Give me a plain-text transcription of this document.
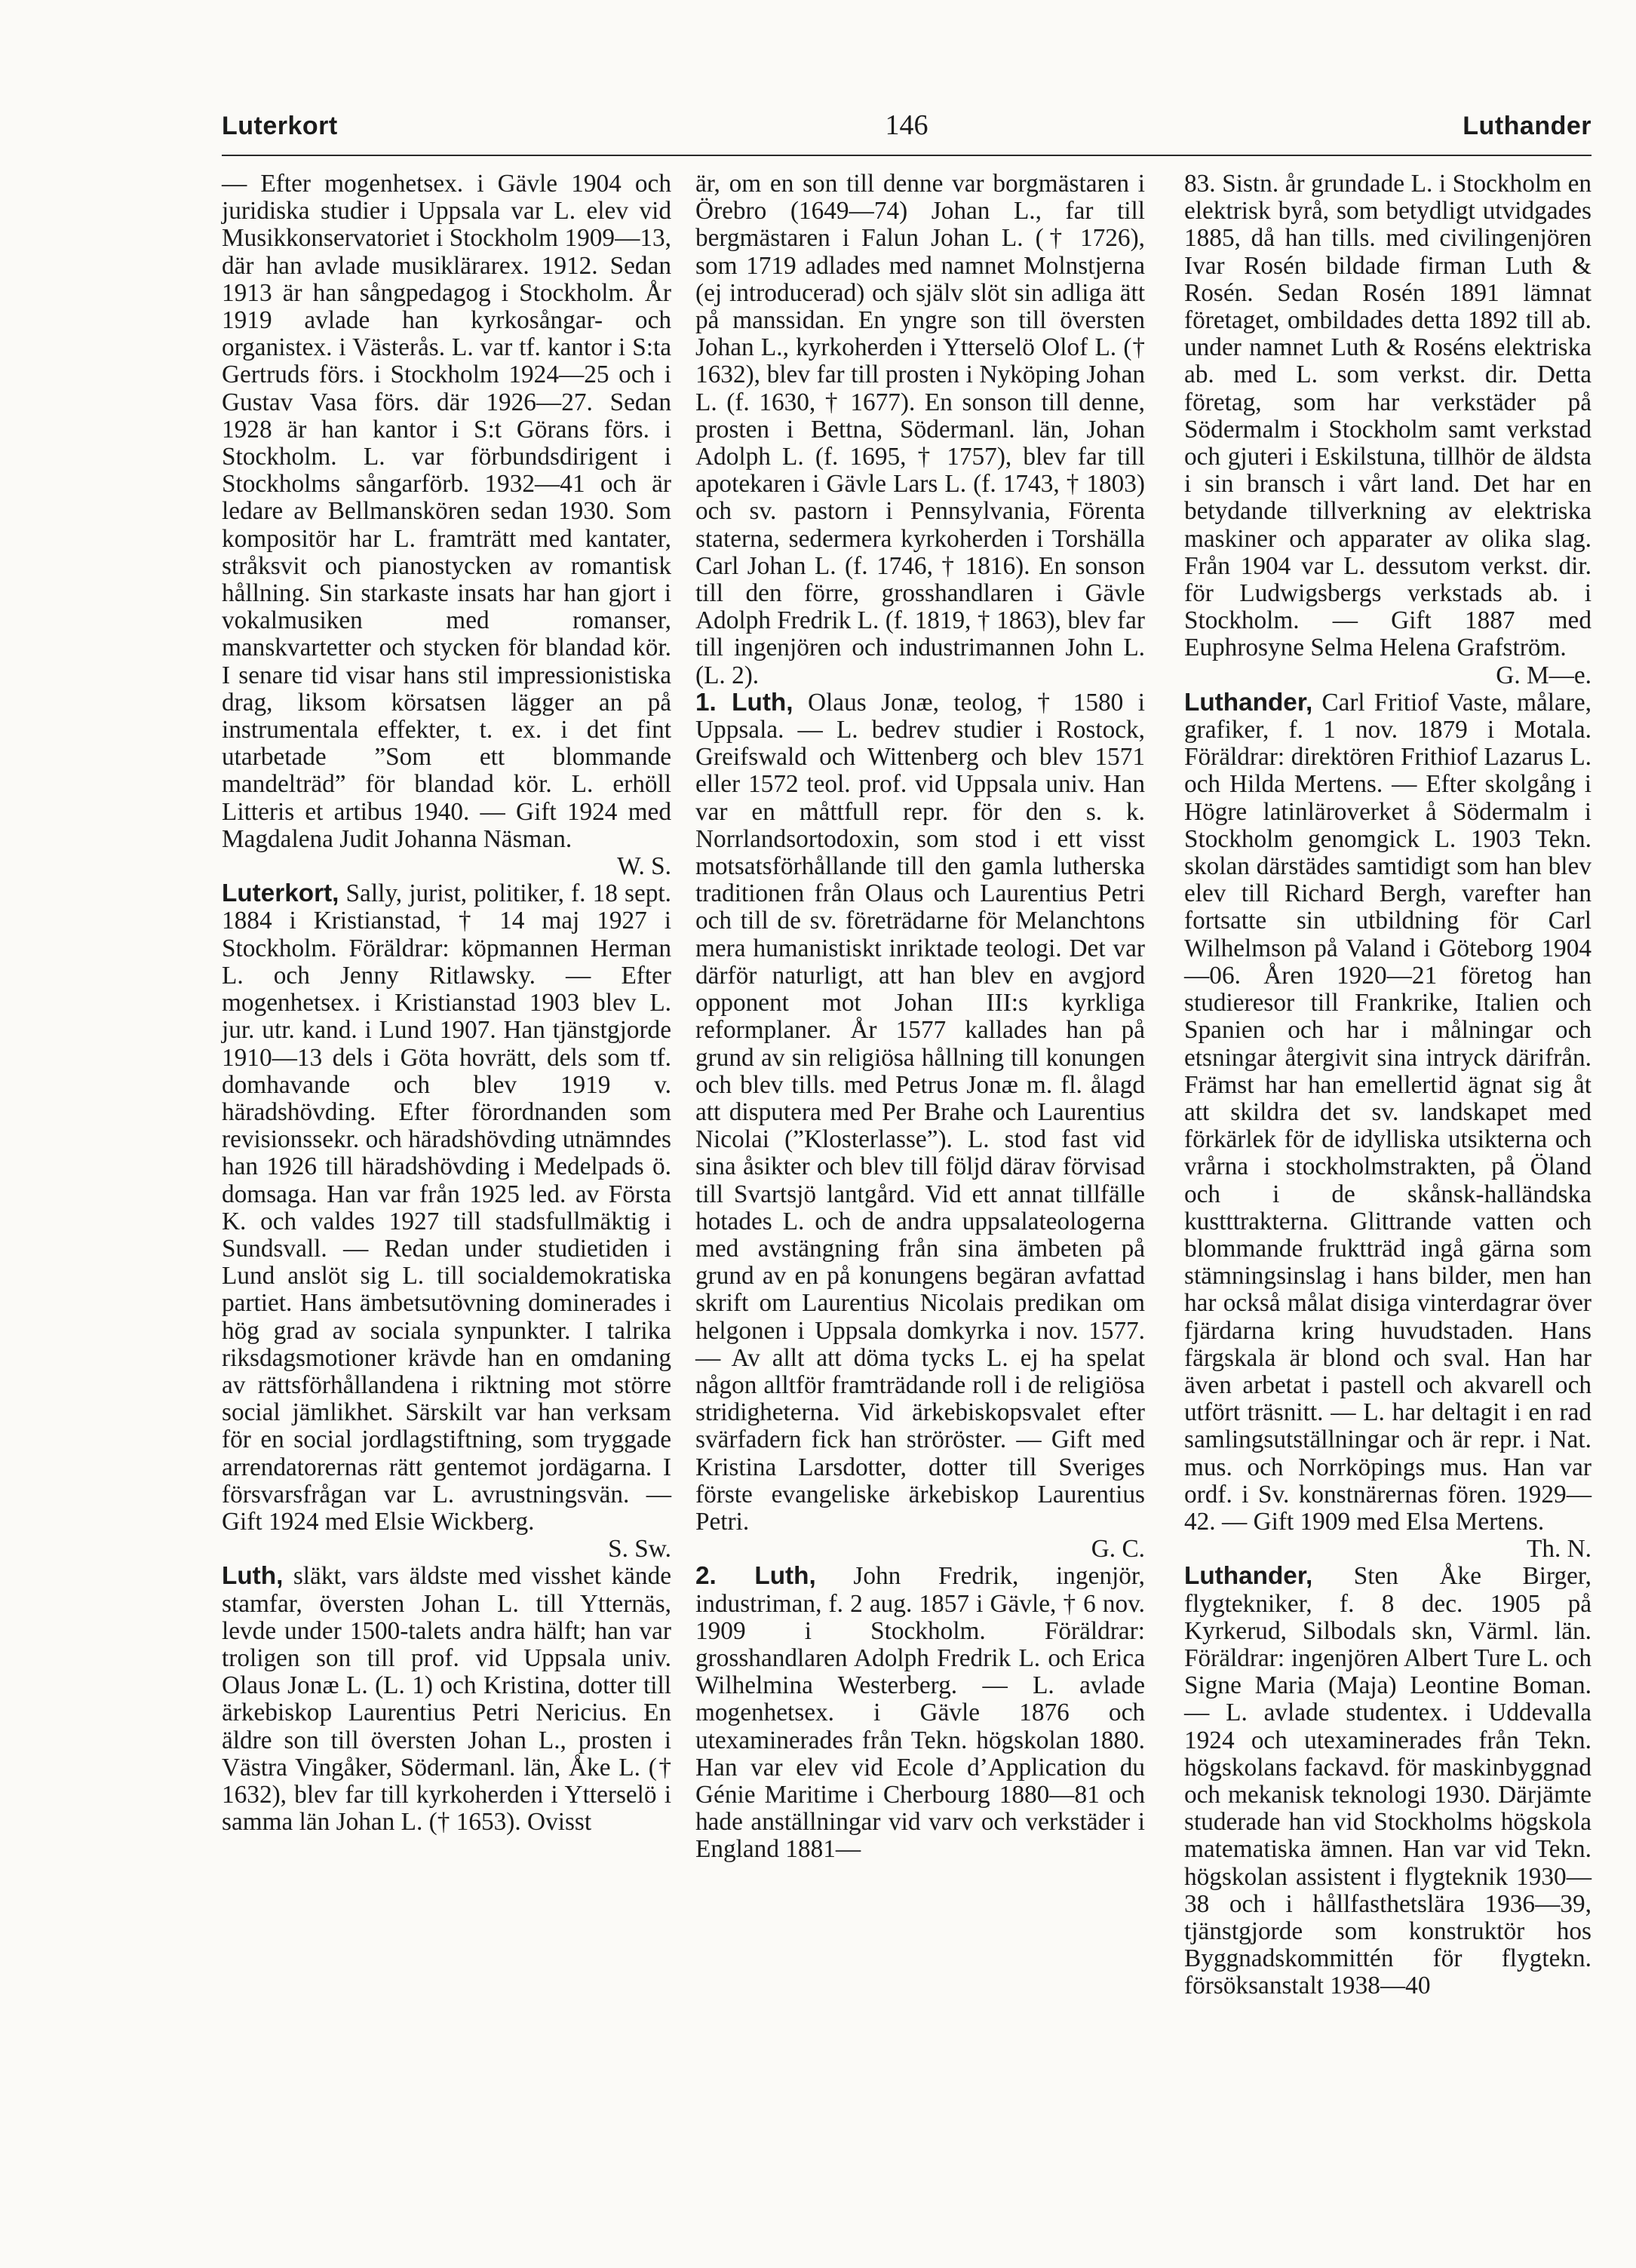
Luterkort	146	Luthander

— Efter mogenhetsex. i Gävle 1904 och juridiska studier i Uppsala var L. elev vid Musikkonservatoriet i Stockholm 1909—13, där han avlade musiklärarex. 1912. Sedan 1913 är han sångpedagog i Stockholm. År 1919 avlade han kyrkosångar- och organistex. i Västerås. L. var tf. kantor i S:ta Gertruds förs. i Stockholm 1924—25 och i Gustav Vasa förs. där 1926—27. Sedan 1928 är han kantor i S:t Görans förs. i Stockholm. L. var förbundsdirigent i Stockholms sångarförb. 1932—41 och är ledare av Bellmanskören sedan 1930. Som kompositör har L. framträtt med kantater, stråksvit och pianostycken av romantisk hållning. Sin starkaste insats har han gjort i vokalmusiken med romanser, manskvartetter och stycken för blandad kör. I senare tid visar hans stil impressionistiska drag, liksom körsatsen lägger an på instrumentala effekter, t. ex. i det fint utarbetade ”Som ett blommande mandelträd” för blandad kör. L. erhöll Litteris et artibus 1940. — Gift 1924 med Magdalena Judit Johanna Näsman.
W. S.

Luterkort, Sally, jurist, politiker, f. 18 sept. 1884 i Kristianstad, † 14 maj 1927 i Stockholm. Föräldrar: köpmannen Herman L. och Jenny Ritlawsky. — Efter mogenhetsex. i Kristianstad 1903 blev L. jur. utr. kand. i Lund 1907. Han tjänstgjorde 1910—13 dels i Göta hovrätt, dels som tf. domhavande och blev 1919 v. häradshövding. Efter förordnanden som revisionssekr. och häradshövding utnämndes han 1926 till häradshövding i Medelpads ö. domsaga. Han var från 1925 led. av Första K. och valdes 1927 till stadsfullmäktig i Sundsvall. — Redan under studietiden i Lund anslöt sig L. till socialdemokratiska partiet. Hans ämbetsutövning dominerades i hög grad av sociala synpunkter. I talrika riksdagsmotioner krävde han en omdaning av rättsförhållandena i riktning mot större social jämlikhet. Särskilt var han verksam för en social jordlagstiftning, som tryggade arrendatorernas rätt gentemot jordägarna. I försvarsfrågan var L. avrustningsvän. — Gift 1924 med Elsie Wickberg.
S. Sw.

Luth, släkt, vars äldste med visshet kände stamfar, översten Johan L. till Ytternäs, levde under 1500-talets andra hälft; han var troligen son till prof. vid Uppsala univ. Olaus Jonæ L. (L. 1) och Kristina, dotter till ärkebiskop Laurentius Petri Nericius. En äldre son till översten Johan L., prosten i Västra Vingåker, Södermanl. län, Åke L. († 1632), blev far till kyrkoherden i Ytterselö i samma län Johan L. († 1653). Ovisst

är, om en son till denne var borgmästaren i Örebro (1649—74) Johan L., far till bergmästaren i Falun Johan L. († 1726), som 1719 adlades med namnet Molnstjerna (ej introducerad) och själv slöt sin adliga ätt på manssidan. En yngre son till översten Johan L., kyrkoherden i Ytterselö Olof L. († 1632), blev far till prosten i Nyköping Johan L. (f. 1630, † 1677). En sonson till denne, prosten i Bettna, Södermanl. län, Johan Adolph L. (f. 1695, † 1757), blev far till apotekaren i Gävle Lars L. (f. 1743, † 1803) och sv. pastorn i Pennsylvania, Förenta staterna, sedermera kyrkoherden i Torshälla Carl Johan L. (f. 1746, † 1816). En sonson till den förre, grosshandlaren i Gävle Adolph Fredrik L. (f. 1819, † 1863), blev far till ingenjören och industrimannen John L. (L. 2).

1. Luth, Olaus Jonæ, teolog, † 1580 i Uppsala. — L. bedrev studier i Rostock, Greifswald och Wittenberg och blev 1571 eller 1572 teol. prof. vid Uppsala univ. Han var en måttfull repr. för den s. k. Norrlandsortodoxin, som stod i ett visst motsatsförhållande till den gamla lutherska traditionen från Olaus och Laurentius Petri och till de sv. företrädarne för Melanchtons mera humanistiskt inriktade teologi. Det var därför naturligt, att han blev en avgjord opponent mot Johan III:s kyrkliga reformplaner. År 1577 kallades han på grund av sin religiösa hållning till konungen och blev tills. med Petrus Jonæ m. fl. ålagd att disputera med Per Brahe och Laurentius Nicolai (”Klosterlasse”). L. stod fast vid sina åsikter och blev till följd därav förvisad till Svartsjö lantgård. Vid ett annat tillfälle hotades L. och de andra uppsalateologerna med avstängning från sina ämbeten på grund av en på konungens begäran avfattad skrift om Laurentius Nicolais predikan om helgonen i Uppsala domkyrka i nov. 1577. — Av allt att döma tycks L. ej ha spelat någon alltför framträdande roll i de religiösa stridigheterna. Vid ärkebiskopsvalet efter svärfadern fick han ströröster. — Gift med Kristina Larsdotter, dotter till Sveriges förste evangeliske ärkebiskop Laurentius Petri.
G. C.

2. Luth, John Fredrik, ingenjör, industriman, f. 2 aug. 1857 i Gävle, † 6 nov. 1909 i Stockholm. Föräldrar: grosshandlaren Adolph Fredrik L. och Erica Wilhelmina Westerberg. — L. avlade mogenhetsex. i Gävle 1876 och utexaminerades från Tekn. högskolan 1880. Han var elev vid Ecole d’Application du Génie Maritime i Cherbourg 1880—81 och hade anställningar vid varv och verkstäder i England 1881—

83. Sistn. år grundade L. i Stockholm en elektrisk byrå, som betydligt utvidgades 1885, då han tills. med civilingenjören Ivar Rosén bildade firman Luth & Rosén. Sedan Rosén 1891 lämnat företaget, ombildades detta 1892 till ab. under namnet Luth & Roséns elektriska ab. med L. som verkst. dir. Detta företag, som har verkstäder på Södermalm i Stockholm samt verkstad och gjuteri i Eskilstuna, tillhör de äldsta i sin bransch i vårt land. Det har en betydande tillverkning av elektriska maskiner och apparater av olika slag. Från 1904 var L. dessutom verkst. dir. för Ludwigsbergs verkstads ab. i Stockholm. — Gift 1887 med Euphrosyne Selma Helena Grafström.
G. M—e.

Luthander, Carl Fritiof Vaste, målare, grafiker, f. 1 nov. 1879 i Motala. Föräldrar: direktören Frithiof Lazarus L. och Hilda Mertens. — Efter skolgång i Högre latinläroverket å Södermalm i Stockholm genomgick L. 1903 Tekn. skolan därstädes samtidigt som han blev elev till Richard Bergh, varefter han fortsatte sin utbildning för Carl Wilhelmson på Valand i Göteborg 1904—06. Åren 1920—21 företog han studieresor till Frankrike, Italien och Spanien och har i målningar och etsningar återgivit sina intryck därifrån. Främst har han emellertid ägnat sig åt att skildra det sv. landskapet med förkärlek för de idylliska utsikterna och vrårna i stockholmstrakten, på Öland och i de skånsk-halländska kustttrakterna. Glittrande vatten och blommande fruktträd ingå gärna som stämningsinslag i hans bilder, men han har också målat disiga vinterdagrar över fjärdarna kring huvudstaden. Hans färgskala är blond och sval. Han har även arbetat i pastell och akvarell och utfört träsnitt. — L. har deltagit i en rad samlingsutställningar och är repr. i Nat. mus. och Norrköpings mus. Han var ordf. i Sv. konstnärernas fören. 1929—42. — Gift 1909 med Elsa Mertens.
Th. N.

Luthander, Sten Åke Birger, flygtekniker, f. 8 dec. 1905 på Kyrkerud, Silbodals skn, Värml. län. Föräldrar: ingenjören Albert Ture L. och Signe Maria (Maja) Leontine Boman. — L. avlade studentex. i Uddevalla 1924 och utexaminerades från Tekn. högskolans fackavd. för maskinbyggnad och mekanisk teknologi 1930. Därjämte studerade han vid Stockholms högskola matematiska ämnen. Han var vid Tekn. högskolan assistent i flygteknik 1930—38 och i hållfasthetslära 1936—39, tjänstgjorde som konstruktör hos Byggnadskommittén för flygtekn. försöksanstalt 1938—40
